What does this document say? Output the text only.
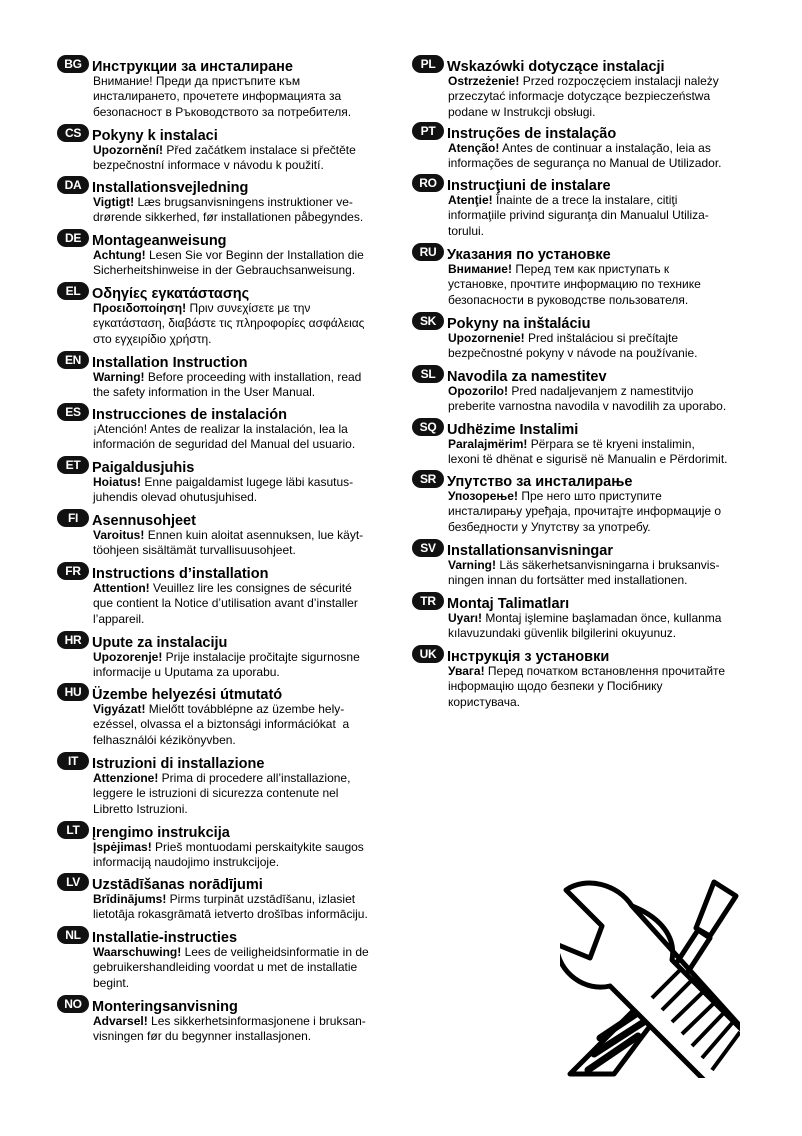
BG Инструкции за инсталиране
Внимание! Преди да пристъпите към
инсталирането, прочетете информацията за
безопасност в Ръководството за потребителя.
CS Pokyny k instalaci
Upozornění! Před začátkem instalace si přečtěte
bezpečnostní informace v návodu k použití.
DA Installationsvejledning
Vigtigt! Læs brugsanvisningens instruktioner ve-
drørende sikkerhed, før installationen påbegyndes.
DE Montageanweisung
Achtung! Lesen Sie vor Beginn der Installation die
Sicherheitshinweise in der Gebrauchsanweisung.
EL Οδηγίες εγκατάστασης
Προειδοποίηση! Πριν συνεχίσετε με την
εγκατάσταση, διαβάστε τις πληροφορίες ασφάλειας
στο εγχειρίδιο χρήστη.
EN Installation Instruction
Warning! Before proceeding with installation, read
the safety information in the User Manual.
ES Instrucciones de instalación
¡Atención! Antes de realizar la instalación, lea la
información de seguridad del Manual del usuario.
ET Paigaldusjuhis
Hoiatus! Enne paigaldamist lugege läbi kasutus-
juhendis olevad ohutusjuhised.
FI Asennusohjeet
Varoitus! Ennen kuin aloitat asennuksen, lue käyt-
töohjeen sisältämät turvallisuusohjeet.
FR Instructions d’installation
Attention! Veuillez lire les consignes de sécurité
que contient la Notice d’utilisation avant d’installer
l’appareil.
HR Upute za instalaciju
Upozorenje! Prije instalacije pročitajte sigurnosne
informacije u Uputama za uporabu.
HU Üzembe helyezési útmutató
Vigyázat! Mielőtt továbblépne az üzembe hely-
ezéssel, olvassa el a biztonsági információkat  a
felhasználói kézikönyvben.
IT Istruzioni di installazione
Attenzione! Prima di procedere all’installazione,
leggere le istruzioni di sicurezza contenute nel
Libretto Istruzioni.
LT Įrengimo instrukcija
Įspėjimas! Prieš montuodami perskaitykite saugos
informaciją naudojimo instrukcijoje.
LV Uzstādīšanas norādījumi
Brīdinājums! Pirms turpināt uzstādīšanu, izlasiet
lietotāja rokasgrāmatā ietverto drošības informāciju.
NL Installatie-instructies
Waarschuwing! Lees de veiligheidsinformatie in de
gebruikershandleiding voordat u met de installatie
begint.
NO Monteringsanvisning
Advarsel! Les sikkerhetsinformasjonene i bruksan-
visningen før du begynner installasjonen.
PL Wskazówki dotyczące instalacji
Ostrzeżenie! Przed rozpoczęciem instalacji należy
przeczytać informacje dotyczące bezpieczeństwa
podane w Instrukcji obsługi.
PT Instruções de instalação
Atenção! Antes de continuar a instalação, leia as
informações de segurança no Manual de Utilizador.
RO Instrucţiuni de instalare
Atenţie! Înainte de a trece la instalare, citiţi
informaţiile privind siguranţa din Manualul Utiliza-
torului.
RU Указания по установке
Внимание! Перед тем как приступать к
установке, прочтите информацию по технике
безопасности в руководстве пользователя.
SK Pokyny na inštaláciu
Upozornenie! Pred inštaláciou si prečítajte
bezpečnostné pokyny v návode na používanie.
SL Navodila za namestitev
Opozorilo! Pred nadaljevanjem z namestitvijo
preberite varnostna navodila v navodilih za uporabo.
SQ Udhëzime Instalimi
Paralajmërim! Përpara se të kryeni instalimin,
lexoni të dhënat e sigurisë në Manualin e Përdorimit.
SR Упутство за инсталирање
Упозорење! Пре него што приступите
инсталирању уређаја, прочитајте информације о
безбедности у Упутству за употребу.
SV Installationsanvisningar
Varning! Läs säkerhetsanvisningarna i bruksanvis-
ningen innan du fortsätter med installationen.
TR Montaj Talimatları
Uyarı! Montaj işlemine başlamadan önce, kullanma
kılavuzundaki güvenlik bilgilerini okuyunuz.
UK Інструкція з установки
Увага! Перед початком встановлення прочитайте
інформацію щодо безпеки у Посібнику
користувача.
